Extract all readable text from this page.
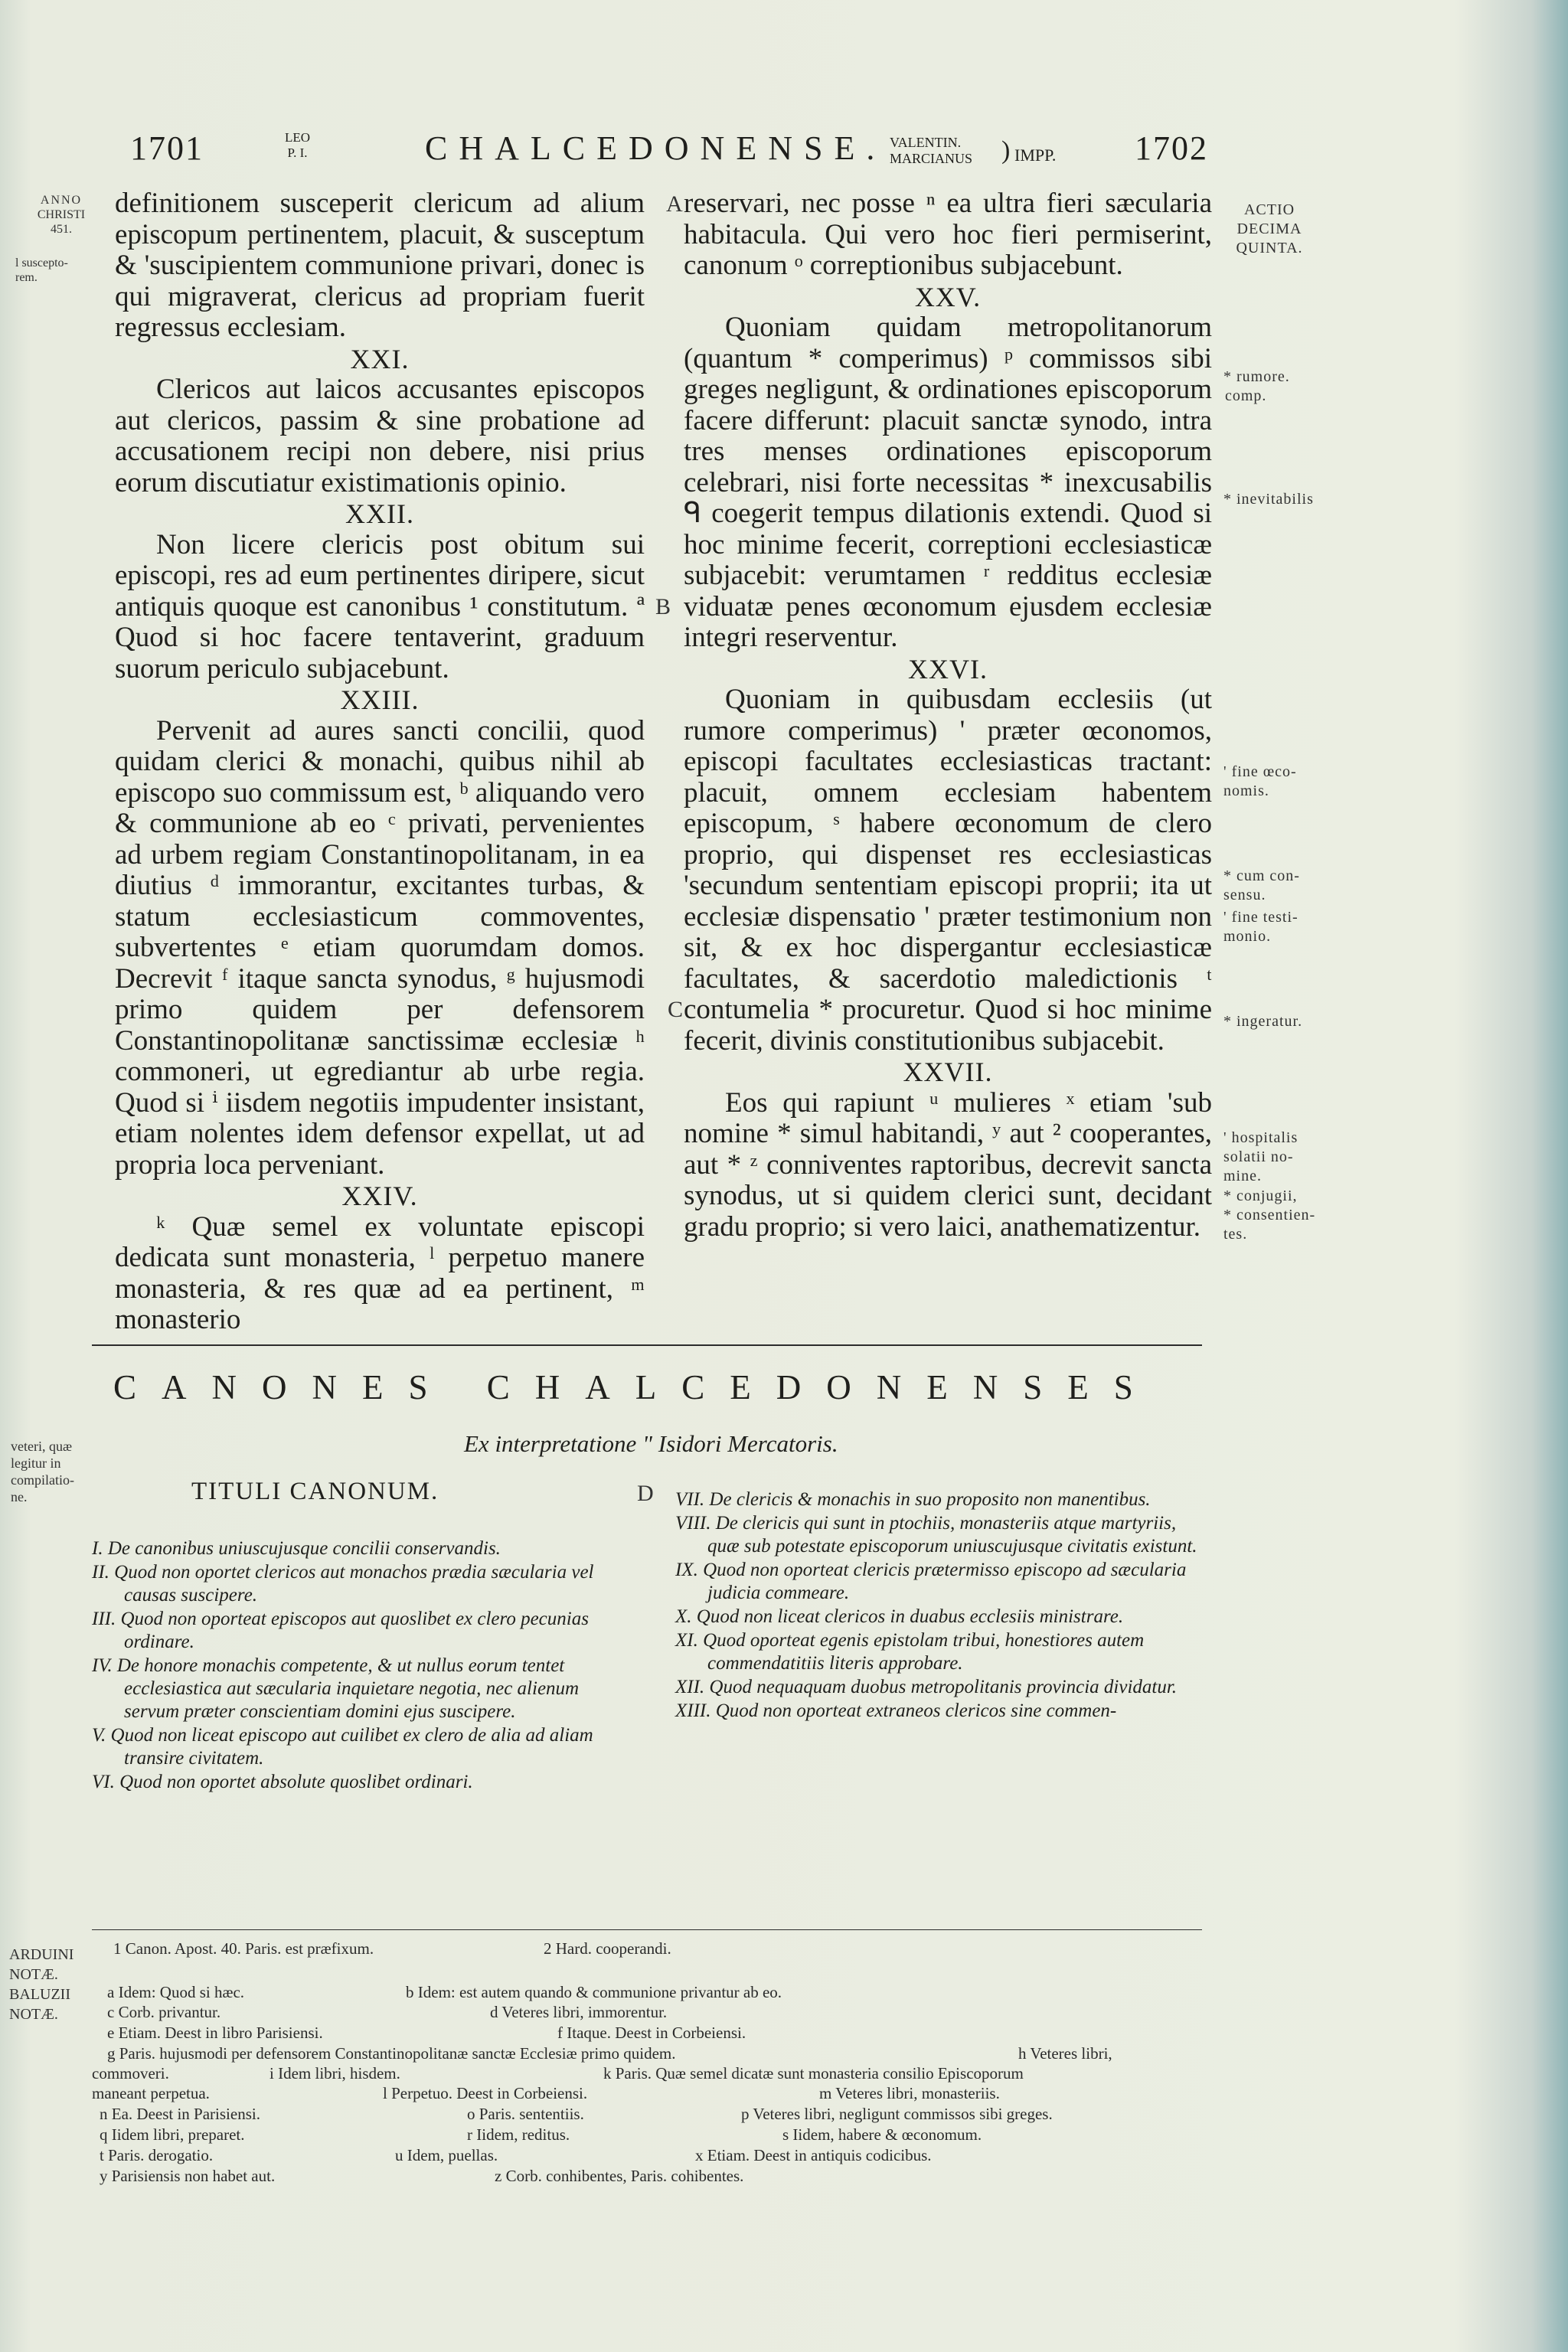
1701	LEO
P. I.	CHALCEDONENSE. VALENTIN.
MARCIANUS ) IMPP. 1702
ANNO
CHRISTI
451.
l suscepto-
rem.
veteri, quæ
legitur in
compilatio-
ne.
ARDUINI
NOTÆ.
BALUZII
NOTÆ.
ACTIO
DECIMA
QUINTA.
* rumore.
comp.
* inevitabilis
' fine œco-
nomis.
* cum con-
sensu.
' fine testi-
monio.
* ingeratur.
' hospitalis
solatii no-
mine.
* conjugii,
* consentien-
tes.
A
B
C
D

definitionem susceperit clericum ad alium episcopum pertinentem, placuit, & susceptum & 'suscipientem communione privari, donec is qui migraverat, clericus ad propriam fuerit regressus ecclesiam.

XXI.

Clericos aut laicos accusantes episcopos aut clericos, passim & sine probatione ad accusationem recipi non debere, nisi prius eorum discutiatur existimationis opinio.

XXII.

Non licere clericis post obitum sui episcopi, res ad eum pertinentes diripere, sicut antiquis quoque est canonibus ¹ constitutum. ª Quod si hoc facere tentaverint, graduum suorum periculo subjacebunt.

XXIII.

Pervenit ad aures sancti concilii, quod quidam clerici & monachi, quibus nihil ab episcopo suo commissum est, ᵇ aliquando vero & communione ab eo ᶜ privati, pervenientes ad urbem regiam Constantinopolitanam, in ea diutius ᵈ immorantur, excitantes turbas, & statum ecclesiasticum commoventes, subvertentes ᵉ etiam quorumdam domos. Decrevit ᶠ itaque sancta synodus, ᵍ hujusmodi primo quidem per defensorem Constantinopolitanæ sanctissimæ ecclesiæ ʰ commoneri, ut egrediantur ab urbe regia. Quod si ⁱ iisdem negotiis impudenter insistant, etiam nolentes idem defensor expellat, ut ad propria loca perveniant.

XXIV.

ᵏ Quæ semel ex voluntate episcopi dedicata sunt monasteria, ˡ perpetuo manere monasteria, & res quæ ad ea pertinent, ᵐ monasterio

reservari, nec posse ⁿ ea ultra fieri sæcularia habitacula. Qui vero hoc fieri permiserint, canonum ᵒ correptionibus subjacebunt.

XXV.

Quoniam quidam metropolitanorum (quantum * comperimus) ᵖ commissos sibi greges negligunt, & ordinationes episcoporum facere differunt: placuit sanctæ synodo, intra tres menses ordinationes episcoporum celebrari, nisi forte necessitas * inexcusabilis ᑫ coegerit tempus dilationis extendi. Quod si hoc minime fecerit, correptioni ecclesiasticæ subjacebit: verumtamen ʳ redditus ecclesiæ viduatæ penes œconomum ejusdem ecclesiæ integri reserventur.

XXVI.

Quoniam in quibusdam ecclesiis (ut rumore comperimus) ' præter œconomos, episcopi facultates ecclesiasticas tractant: placuit, omnem ecclesiam habentem episcopum, ˢ habere œconomum de clero proprio, qui dispenset res ecclesiasticas 'secundum sententiam episcopi proprii; ita ut ecclesiæ dispensatio ' præter testimonium non sit, & ex hoc dispergantur ecclesiasticæ facultates, & sacerdotio maledictionis ᵗ contumelia * procuretur. Quod si hoc minime fecerit, divinis constitutionibus subjacebit.

XXVII.

Eos qui rapiunt ᵘ mulieres ˣ etiam 'sub nomine * simul habitandi, ʸ aut ² cooperantes, aut * ᶻ conniventes raptoribus, decrevit sancta synodus, ut si quidem clerici sunt, decidant gradu proprio; si vero laici, anathematizentur.

CANONES CHALCEDONENSES
Ex interpretatione " Isidori Mercatoris.
TITULI CANONUM.
I. De canonibus uniuscujusque concilii conservandis.
II. Quod non oportet clericos aut monachos prædia sæcularia vel causas suscipere.
III. Quod non oporteat episcopos aut quoslibet ex clero pecunias ordinare.
IV. De honore monachis competente, & ut nullus eorum tentet ecclesiastica aut sæcularia inquietare negotia, nec alienum servum præter conscientiam domini ejus suscipere.
V. Quod non liceat episcopo aut cuilibet ex clero de alia ad aliam transire civitatem.
VI. Quod non oportet absolute quoslibet ordinari.
VII. De clericis & monachis in suo proposito non manentibus.
VIII. De clericis qui sunt in ptochiis, monasteriis atque martyriis, quæ sub potestate episcoporum uniuscujusque civitatis existunt.
IX. Quod non oporteat clericis prætermisso episcopo ad sæcularia judicia commeare.
X. Quod non liceat clericos in duabus ecclesiis ministrare.
XI. Quod oporteat egenis epistolam tribui, honestiores autem commendatitiis literis approbare.
XII. Quod nequaquam duobus metropolitanis provincia dividatur.
XIII. Quod non oporteat extraneos clericos sine commen-
1 Canon. Apost. 40. Paris. est præfixum.	2 Hard. cooperandi.
a Idem: Quod si hæc.	b Idem: est autem quando & communione privantur ab eo.
c Corb. privantur.	d Veteres libri, immorentur.
e Etiam. Deest in libro Parisiensi.	f Itaque. Deest in Corbeiensi.
g Paris. hujusmodi per defensorem Constantinopolitanæ sanctæ Ecclesiæ primo quidem.	h Veteres libri,
commoveri.	i Idem libri, hisdem.	k Paris. Quæ semel dicatæ sunt monasteria consilio Episcoporum
maneant perpetua.	l Perpetuo. Deest in Corbeiensi.	m Veteres libri, monasteriis.
n Ea. Deest in Parisiensi.	o Paris. sententiis.	p Veteres libri, negligunt commissos sibi greges.
q Iidem libri, preparet.	r Iidem, reditus.	s Iidem, habere & œconomum.
t Paris. derogatio.	u Idem, puellas.	x Etiam. Deest in antiquis codicibus.
y Parisiensis non habet aut.	z Corb. conhibentes, Paris. cohibentes.
